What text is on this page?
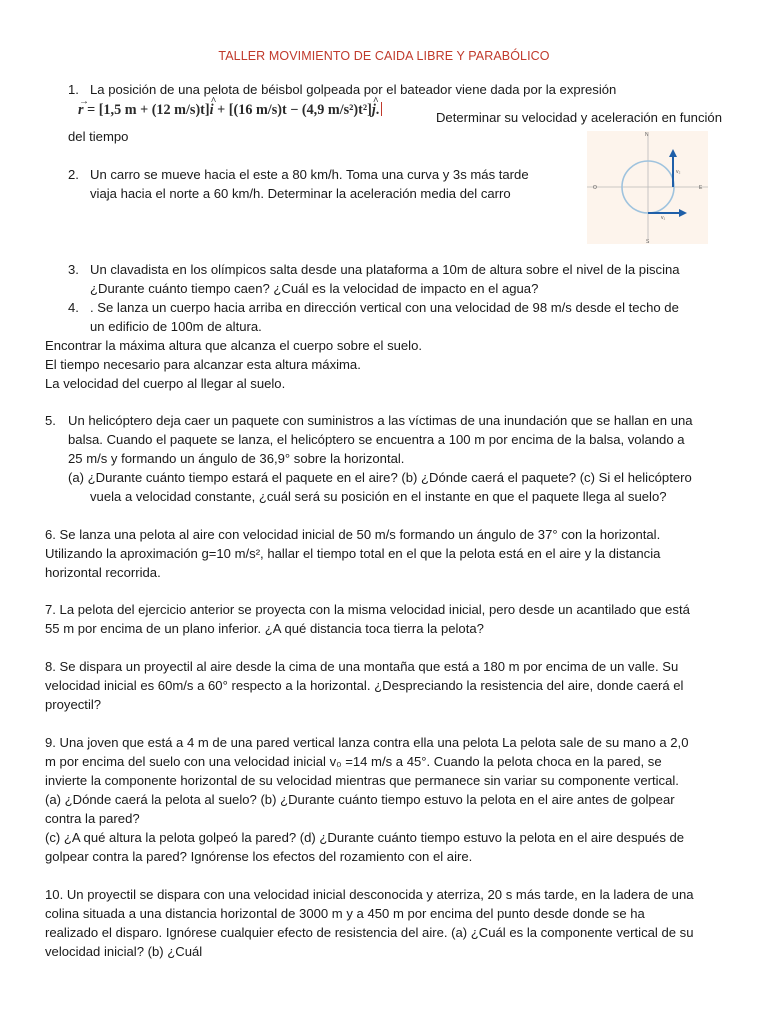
TALLER MOVIMIENTO DE CAIDA LIBRE Y PARABÓLICO
1. La posición de una pelota de béisbol golpeada por el bateador viene dada por la expresión
→
r = [1,5 m + (12 m/s)t]
^
i + [(16 m/s)t − (4,9 m/s²)t²]
^
j.	Determinar su velocidad y aceleración en función
del tiempo
2. Un carro se mueve hacia el este a 80 km/h. Toma una curva y 3s más tarde
viaja hacia el norte a 60 km/h. Determinar la aceleración media del carro
N
S
O	E
v₂
v₁
3. Un clavadista en los olímpicos salta desde una plataforma a 10m de altura sobre el nivel de la piscina
¿Durante cuánto tiempo caen? ¿Cuál es la velocidad de impacto en el agua?
4. . Se lanza un cuerpo hacia arriba en dirección vertical con una velocidad de 98 m/s desde el techo de
un edificio de 100m de altura.
Encontrar la máxima altura que alcanza el cuerpo sobre el suelo.
El tiempo necesario para alcanzar esta altura máxima.
La velocidad del cuerpo al llegar al suelo.
5. Un helicóptero deja caer un paquete con suministros a las víctimas de una inundación que se hallan en una
balsa. Cuando el paquete se lanza, el helicóptero se encuentra a 100 m por encima de la balsa, volando a
25 m/s y formando un ángulo de 36,9° sobre la horizontal.
(a) ¿Durante cuánto tiempo estará el paquete en el aire? (b) ¿Dónde caerá el paquete? (c) Si el helicóptero
vuela a velocidad constante, ¿cuál será su posición en el instante en que el paquete llega al suelo?
6. Se lanza una pelota al aire con velocidad inicial de 50 m/s formando un ángulo de 37° con la horizontal.
Utilizando la aproximación g=10 m/s², hallar el tiempo total en el que la pelota está en el aire y la distancia
horizontal recorrida.
7. La pelota del ejercicio anterior se proyecta con la misma velocidad inicial, pero desde un acantilado que está
55 m por encima de un plano inferior. ¿A qué distancia toca tierra la pelota?
8. Se dispara un proyectil al aire desde la cima de una montaña que está a 180 m por encima de un valle. Su
velocidad inicial es 60m/s a 60° respecto a la horizontal. ¿Despreciando la resistencia del aire, donde caerá el
proyectil?
9. Una joven que está a 4 m de una pared vertical lanza contra ella una pelota La pelota sale de su mano a 2,0
m por encima del suelo con una velocidad inicial v₀ =14 m/s a 45°. Cuando la pelota choca en la pared, se
invierte la componente horizontal de su velocidad mientras que permanece sin variar su componente vertical.
(a) ¿Dónde caerá la pelota al suelo? (b) ¿Durante cuánto tiempo estuvo la pelota en el aire antes de golpear
contra la pared?
(c) ¿A qué altura la pelota golpeó la pared? (d) ¿Durante cuánto tiempo estuvo la pelota en el aire después de
golpear contra la pared? Ignórense los efectos del rozamiento con el aire.
10. Un proyectil se dispara con una velocidad inicial desconocida y aterriza, 20 s más tarde, en la ladera de una
colina situada a una distancia horizontal de 3000 m y a 450 m por encima del punto desde donde se ha
realizado el disparo. Ignórese cualquier efecto de resistencia del aire. (a) ¿Cuál es la componente vertical de su
velocidad inicial? (b) ¿Cuál
